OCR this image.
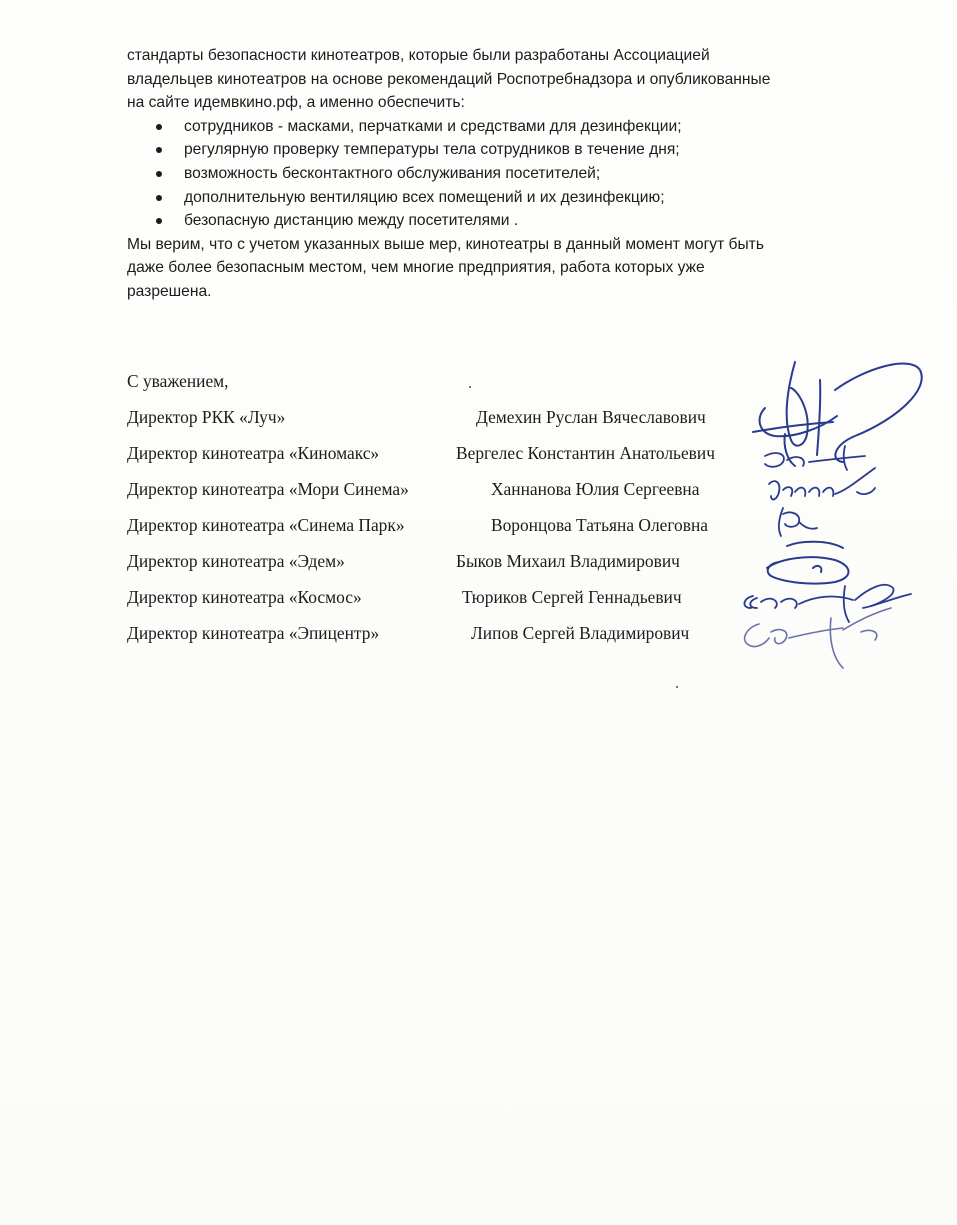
стандарты безопасности кинотеатров, которые были разработаны Ассоциацией

владельцев кинотеатров на основе рекомендаций Роспотребнадзора и опубликованные

на сайте идемвкино.рф, а именно обеспечить:

сотрудников - масками, перчатками и средствами для дезинфекции;
регулярную проверку температуры тела сотрудников в течение дня;
возможность бесконтактного обслуживания посетителей;
дополнительную вентиляцию всех помещений и их дезинфекцию;
безопасную дистанцию между посетителями .

Мы верим, что с учетом указанных выше мер, кинотеатры в данный момент могут быть

даже более безопасным местом, чем многие предприятия, работа которых уже

разрешена.

С уважением,
Директор РКК «Луч»	Демехин Руслан Вячеславович
Директор кинотеатра «Киномакс»	Вергелес Константин Анатольевич
Директор кинотеатра «Мори Синема»	Ханнанова Юлия Сергеевна
Директор кинотеатра «Синема Парк»	Воронцова Татьяна Олеговна
Директор кинотеатра «Эдем»	Быков Михаил Владимирович
Директор кинотеатра «Космос»	Тюриков Сергей Геннадьевич
Директор кинотеатра «Эпицентр»	Липов Сергей Владимирович
